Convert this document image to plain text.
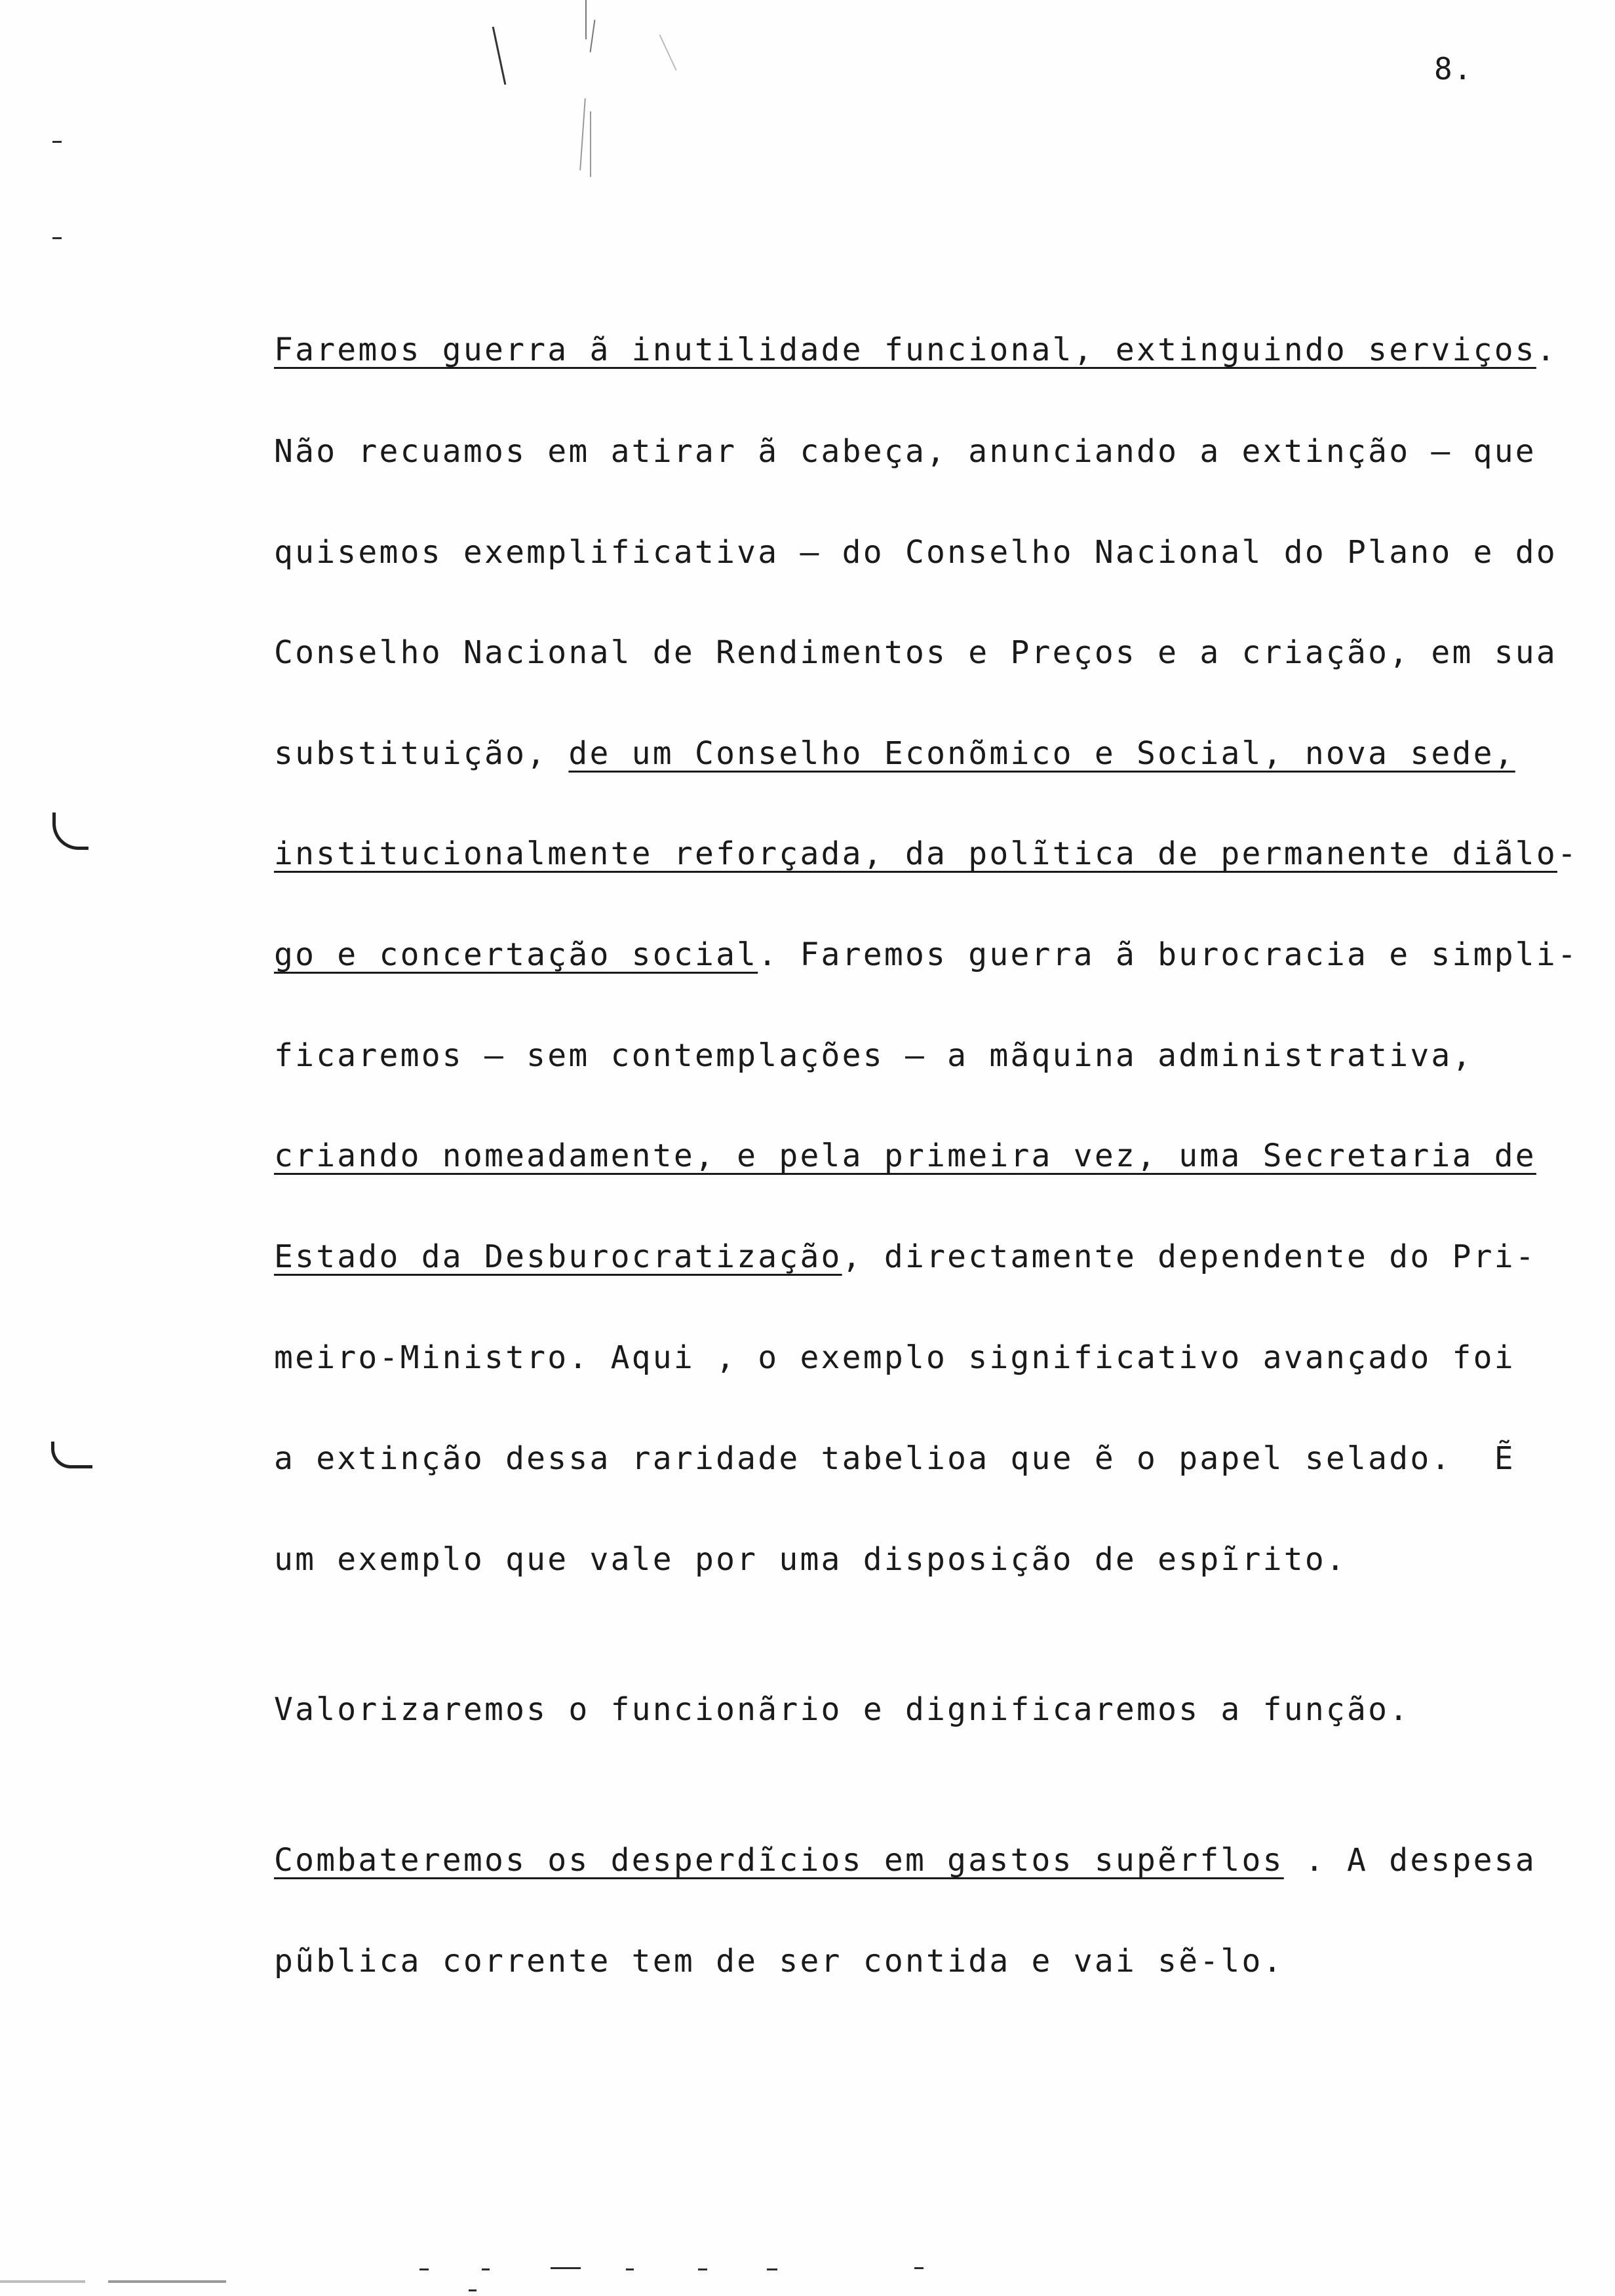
8.

Faremos guerra ã inutilidade funcional, extinguindo serviços.

Não recuamos em atirar ã cabeça, anunciando a extinção — que

quisemos exemplificativa — do Conselho Nacional do Plano e do

Conselho Nacional de Rendimentos e Preços e a criação, em sua

substituição, de um Conselho Econõmico e Social, nova sede,

institucionalmente reforçada, da polĩtica de permanente diãlo-

go e concertação social. Faremos guerra ã burocracia e simpli-

ficaremos — sem contemplações — a mãquina administrativa,

criando nomeadamente, e pela primeira vez, uma Secretaria de

Estado da Desburocratização, directamente dependente do Pri-

meiro-Ministro. Aqui , o exemplo significativo avançado foi

a extinção dessa raridade tabelioa que ẽ o papel selado.  Ẽ

um exemplo que vale por uma disposição de espĩrito.

Valorizaremos o funcionãrio e dignificaremos a função.

Combateremos os desperdĩcios em gastos supẽrflos . A despesa

pũblica corrente tem de ser contida e vai sẽ-lo.
